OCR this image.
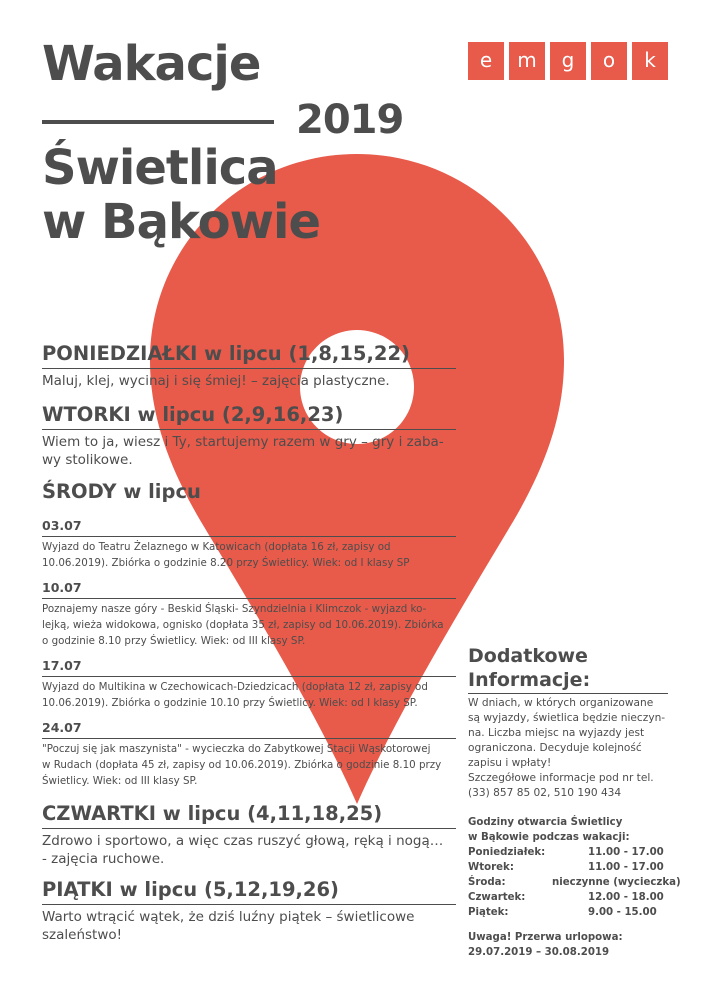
Wakacje
2019
Świetlica
w Bąkowie
e	m	g	o	k
PONIEDZIAŁKI w lipcu (1,8,15,22)
Maluj, klej, wycinaj i się śmiej! – zajęcia plastyczne.
WTORKI w lipcu (2,9,16,23)
Wiem to ja, wiesz i Ty, startujemy razem w gry – gry i zaba-
wy stolikowe.
ŚRODY w lipcu
03.07
Wyjazd do Teatru Żelaznego w Katowicach (dopłata 16 zł, zapisy od
10.06.2019). Zbiórka o godzinie 8.20 przy Świetlicy. Wiek: od I klasy SP
10.07
Poznajemy nasze góry - Beskid Śląski- Szyndzielnia i Klimczok - wyjazd ko-
lejką, wieża widokowa, ognisko (dopłata 35 zł, zapisy od 10.06.2019). Zbiórka
o godzinie 8.10 przy Świetlicy. Wiek: od III klasy SP.
17.07
Wyjazd do Multikina w Czechowicach-Dziedzicach (dopłata 12 zł, zapisy od
10.06.2019). Zbiórka o godzinie 10.10 przy Świetlicy. Wiek: od I klasy SP.
24.07
"Poczuj się jak maszynista" - wycieczka do Zabytkowej Stacji Wąskotorowej
w Rudach (dopłata 45 zł, zapisy od 10.06.2019). Zbiórka o godzinie 8.10 przy
Świetlicy. Wiek: od III klasy SP.
CZWARTKI w lipcu (4,11,18,25)
Zdrowo i sportowo, a więc czas ruszyć głową, ręką i nogą…
- zajęcia ruchowe.
PIĄTKI w lipcu (5,12,19,26)
Warto wtrącić wątek, że dziś luźny piątek – świetlicowe
szaleństwo!
Dodatkowe
Informacje:
W dniach, w których organizowane
są wyjazdy, świetlica będzie nieczyn-
na. Liczba miejsc na wyjazdy jest
ograniczona. Decyduje kolejność
zapisu i wpłaty!
Szczegółowe informacje pod nr tel.
(33) 857 85 02, 510 190 434
Godziny otwarcia Świetlicy
w Bąkowie podczas wakacji:
Poniedziałek:	11.00 - 17.00
Wtorek:	11.00 - 17.00
Środa:	nieczynne (wycieczka)
Czwartek:	12.00 - 18.00
Piątek:	9.00 - 15.00
Uwaga! Przerwa urlopowa:
29.07.2019 – 30.08.2019
